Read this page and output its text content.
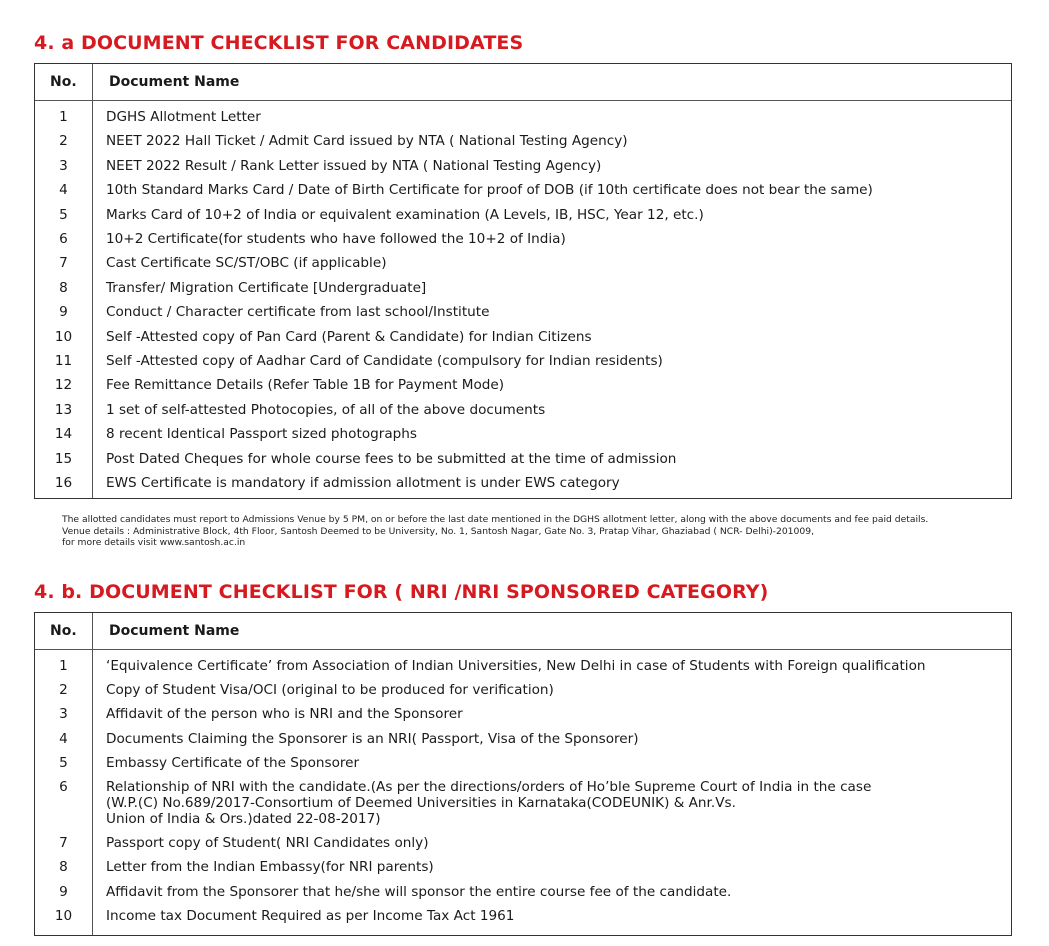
4. a DOCUMENT CHECKLIST FOR CANDIDATES
No. Document Name
1	DGHS Allotment Letter
2	NEET 2022 Hall Ticket / Admit Card issued by NTA ( National Testing Agency)
3	NEET 2022 Result / Rank Letter issued by NTA ( National Testing Agency)
4	10th Standard Marks Card / Date of Birth Certificate for proof of DOB (if 10th certificate does not bear the same)
5	Marks Card of 10+2 of India or equivalent examination (A Levels, IB, HSC, Year 12, etc.)
6	10+2 Certificate(for students who have followed the 10+2 of India)
7	Cast Certificate SC/ST/OBC (if applicable)
8	Transfer/ Migration Certificate [Undergraduate]
9	Conduct / Character certificate from last school/Institute
10	Self -Attested copy of Pan Card (Parent & Candidate) for Indian Citizens
11	Self -Attested copy of Aadhar Card of Candidate (compulsory for Indian residents)
12	Fee Remittance Details (Refer Table 1B for Payment Mode)
13	1 set of self-attested Photocopies, of all of the above documents
14	8 recent Identical Passport sized photographs
15	Post Dated Cheques for whole course fees to be submitted at the time of admission
16	EWS Certificate is mandatory if admission allotment is under EWS category
The allotted candidates must report to Admissions Venue by 5 PM, on or before the last date mentioned in the DGHS allotment letter, along with the above documents and fee paid details.
Venue details : Administrative Block, 4th Floor, Santosh Deemed to be University, No. 1, Santosh Nagar, Gate No. 3, Pratap Vihar, Ghaziabad ( NCR- Delhi)-201009,
for more details visit www.santosh.ac.in
4. b. DOCUMENT CHECKLIST FOR ( NRI /NRI SPONSORED CATEGORY)
No. Document Name
1	‘Equivalence Certificate’ from Association of Indian Universities, New Delhi in case of Students with Foreign qualification
2	Copy of Student Visa/OCI (original to be produced for verification)
3	Affidavit of the person who is NRI and the Sponsorer
4	Documents Claiming the Sponsorer is an NRI( Passport, Visa of the Sponsorer)
5	Embassy Certificate of the Sponsorer
6	Relationship of NRI with the candidate.(As per the directions/orders of Ho’ble Supreme Court of India in the case
(W.P.(C) No.689/2017-Consortium of Deemed Universities in Karnataka(CODEUNIK) & Anr.Vs.
Union of India & Ors.)dated 22-08-2017)
7	Passport copy of Student( NRI Candidates only)
8	Letter from the Indian Embassy(for NRI parents)
9	Affidavit from the Sponsorer that he/she will sponsor the entire course fee of the candidate.
10	Income tax Document Required as per Income Tax Act 1961
